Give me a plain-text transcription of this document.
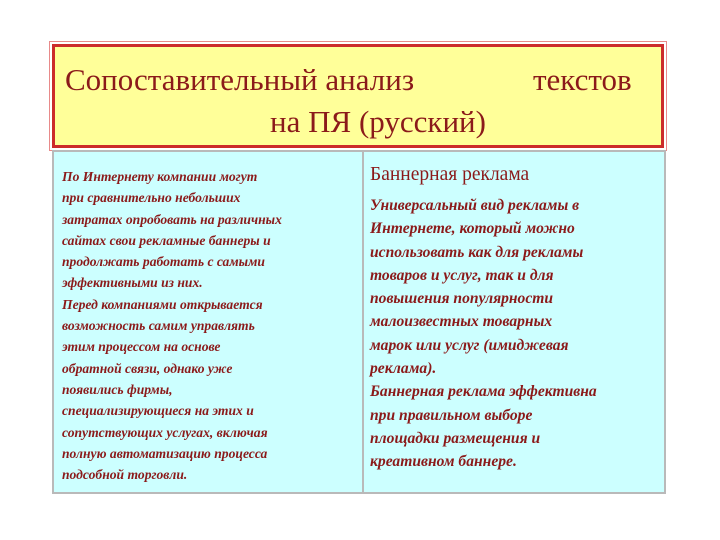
Сопоставительный анализ	текстов
на ПЯ (русский)
По Интернету компании могут
при сравнительно небольших
затратах опробовать на различных
сайтах свои рекламные баннеры и
продолжать работать с самыми
эффективными из них.
Перед компаниями открывается
возможность самим управлять
этим процессом на основе
обратной связи, однако уже
появились фирмы,
специализирующиеся на этих и
сопутствующих услугах, включая
полную автоматизацию процесса
подсобной торговли.
Баннерная реклама
Универсальный вид рекламы в
Интернете, который можно
использовать как для рекламы
товаров и услуг, так и для
повышения популярности
малоизвестных товарных
марок или услуг (имиджевая
реклама).
Баннерная реклама эффективна
при правильном выборе
площадки размещения и
креативном баннере.
